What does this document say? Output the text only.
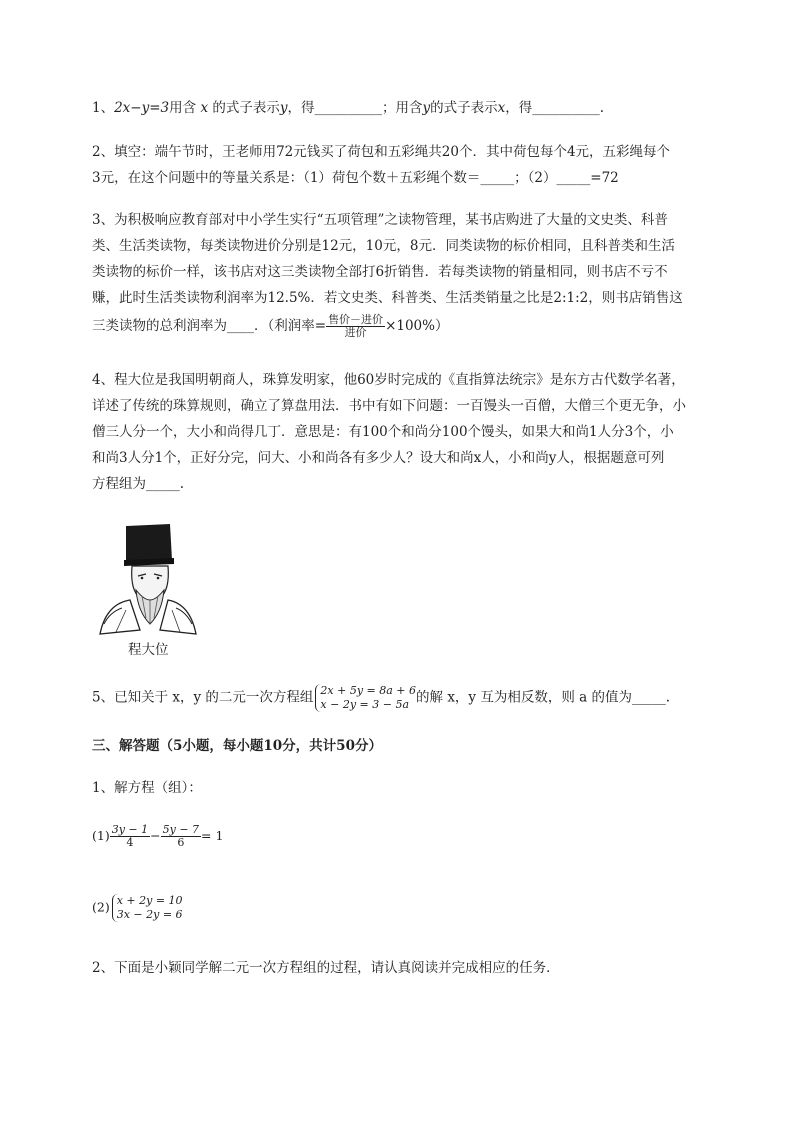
1、2x−y=3用含 x 的式子表示y，得__________；用含y的式子表示x，得__________.
2、填空：端午节时，王老师用72元钱买了荷包和五彩绳共20个．其中荷包每个4元，五彩绳每个
3元，在这个问题中的等量关系是：（1）荷包个数＋五彩绳个数＝_____；（2）_____=72
3、为积极响应教育部对中小学生实行“五项管理”之读物管理，某书店购进了大量的文史类、科普
类、生活类读物，每类读物进价分别是12元，10元，8元．同类读物的标价相同，且科普类和生活
类读物的标价一样，该书店对这三类读物全部打6折销售．若每类读物的销量相同，则书店不亏不
赚，此时生活类读物利润率为12.5%．若文史类、科普类、生活类销量之比是2:1:2，则书店销售这
三类读物的总利润率为____．（利润率= $\frac{\text{售价－进价}}{\text{进价}} \times 100\%$）
4、程大位是我国明朝商人，珠算发明家，他60岁时完成的《直指算法统宗》是东方古代数学名著，
详述了传统的珠算规则，确立了算盘用法．书中有如下问题：一百馒头一百僧，大僧三个更无争，小
僧三人分一个，大小和尚得几丁．意思是：有100个和尚分100个馒头，如果大和尚1人分3个，小
和尚3人分1个，正好分完，问大、小和尚各有多少人？设大和尚x人，小和尚y人，根据题意可列
方程组为_____.
程大位
5、已知关于 x，y 的二元一次方程组 2x + 5y = 8a + 6
x − 2y = 3 − 5a 的解 x，y 互为相反数，则 a 的值为_____.
三、解答题（5小题，每小题10分，共计50分）
1、解方程（组）：
$(1) \frac{3y - 1}{4} - \frac{5y - 7}{6} = 1$
(2) x + 2y = 10
3x − 2y = 6
2、下面是小颖同学解二元一次方程组的过程，请认真阅读并完成相应的任务．
